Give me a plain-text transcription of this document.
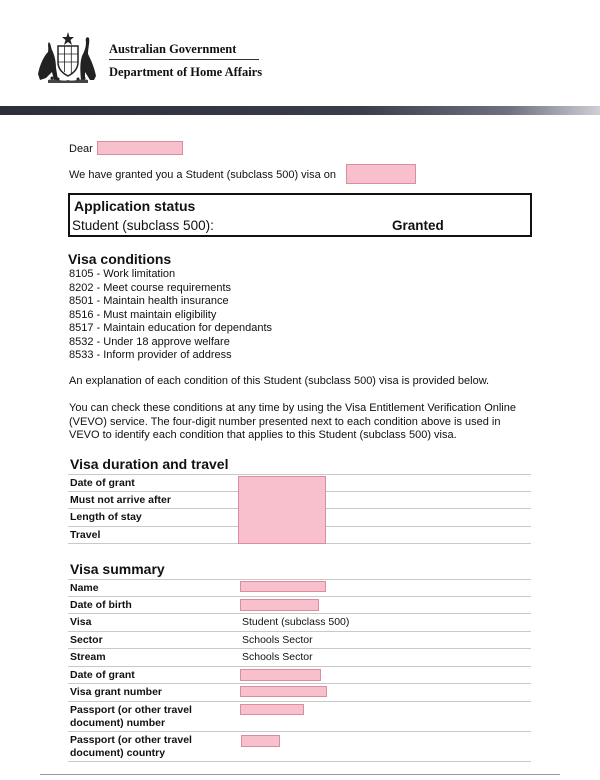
Australian Government
Department of Home Affairs
Dear
We have granted you a Student (subclass 500) visa on
Application status
Student (subclass 500):	Granted
Visa conditions
8105 - Work limitation
8202 - Meet course requirements
8501 - Maintain health insurance
8516 - Must maintain eligibility
8517 - Maintain education for dependants
8532 - Under 18 approve welfare
8533 - Inform provider of address
An explanation of each condition of this Student (subclass 500) visa is provided below.
You can check these conditions at any time by using the Visa Entitlement Verification Online (VEVO) service. The four-digit number presented next to each condition above is used in VEVO to identify each condition that applies to this Student (subclass 500) visa.
Visa duration and travel
Date of grant
Must not arrive after
Length of stay
Travel
Visa summary
Name
Date of birth
Visa	Student (subclass 500)
Sector	Schools Sector
Stream	Schools Sector
Date of grant
Visa grant number
Passport (or other travel document) number
Passport (or other travel document) country
